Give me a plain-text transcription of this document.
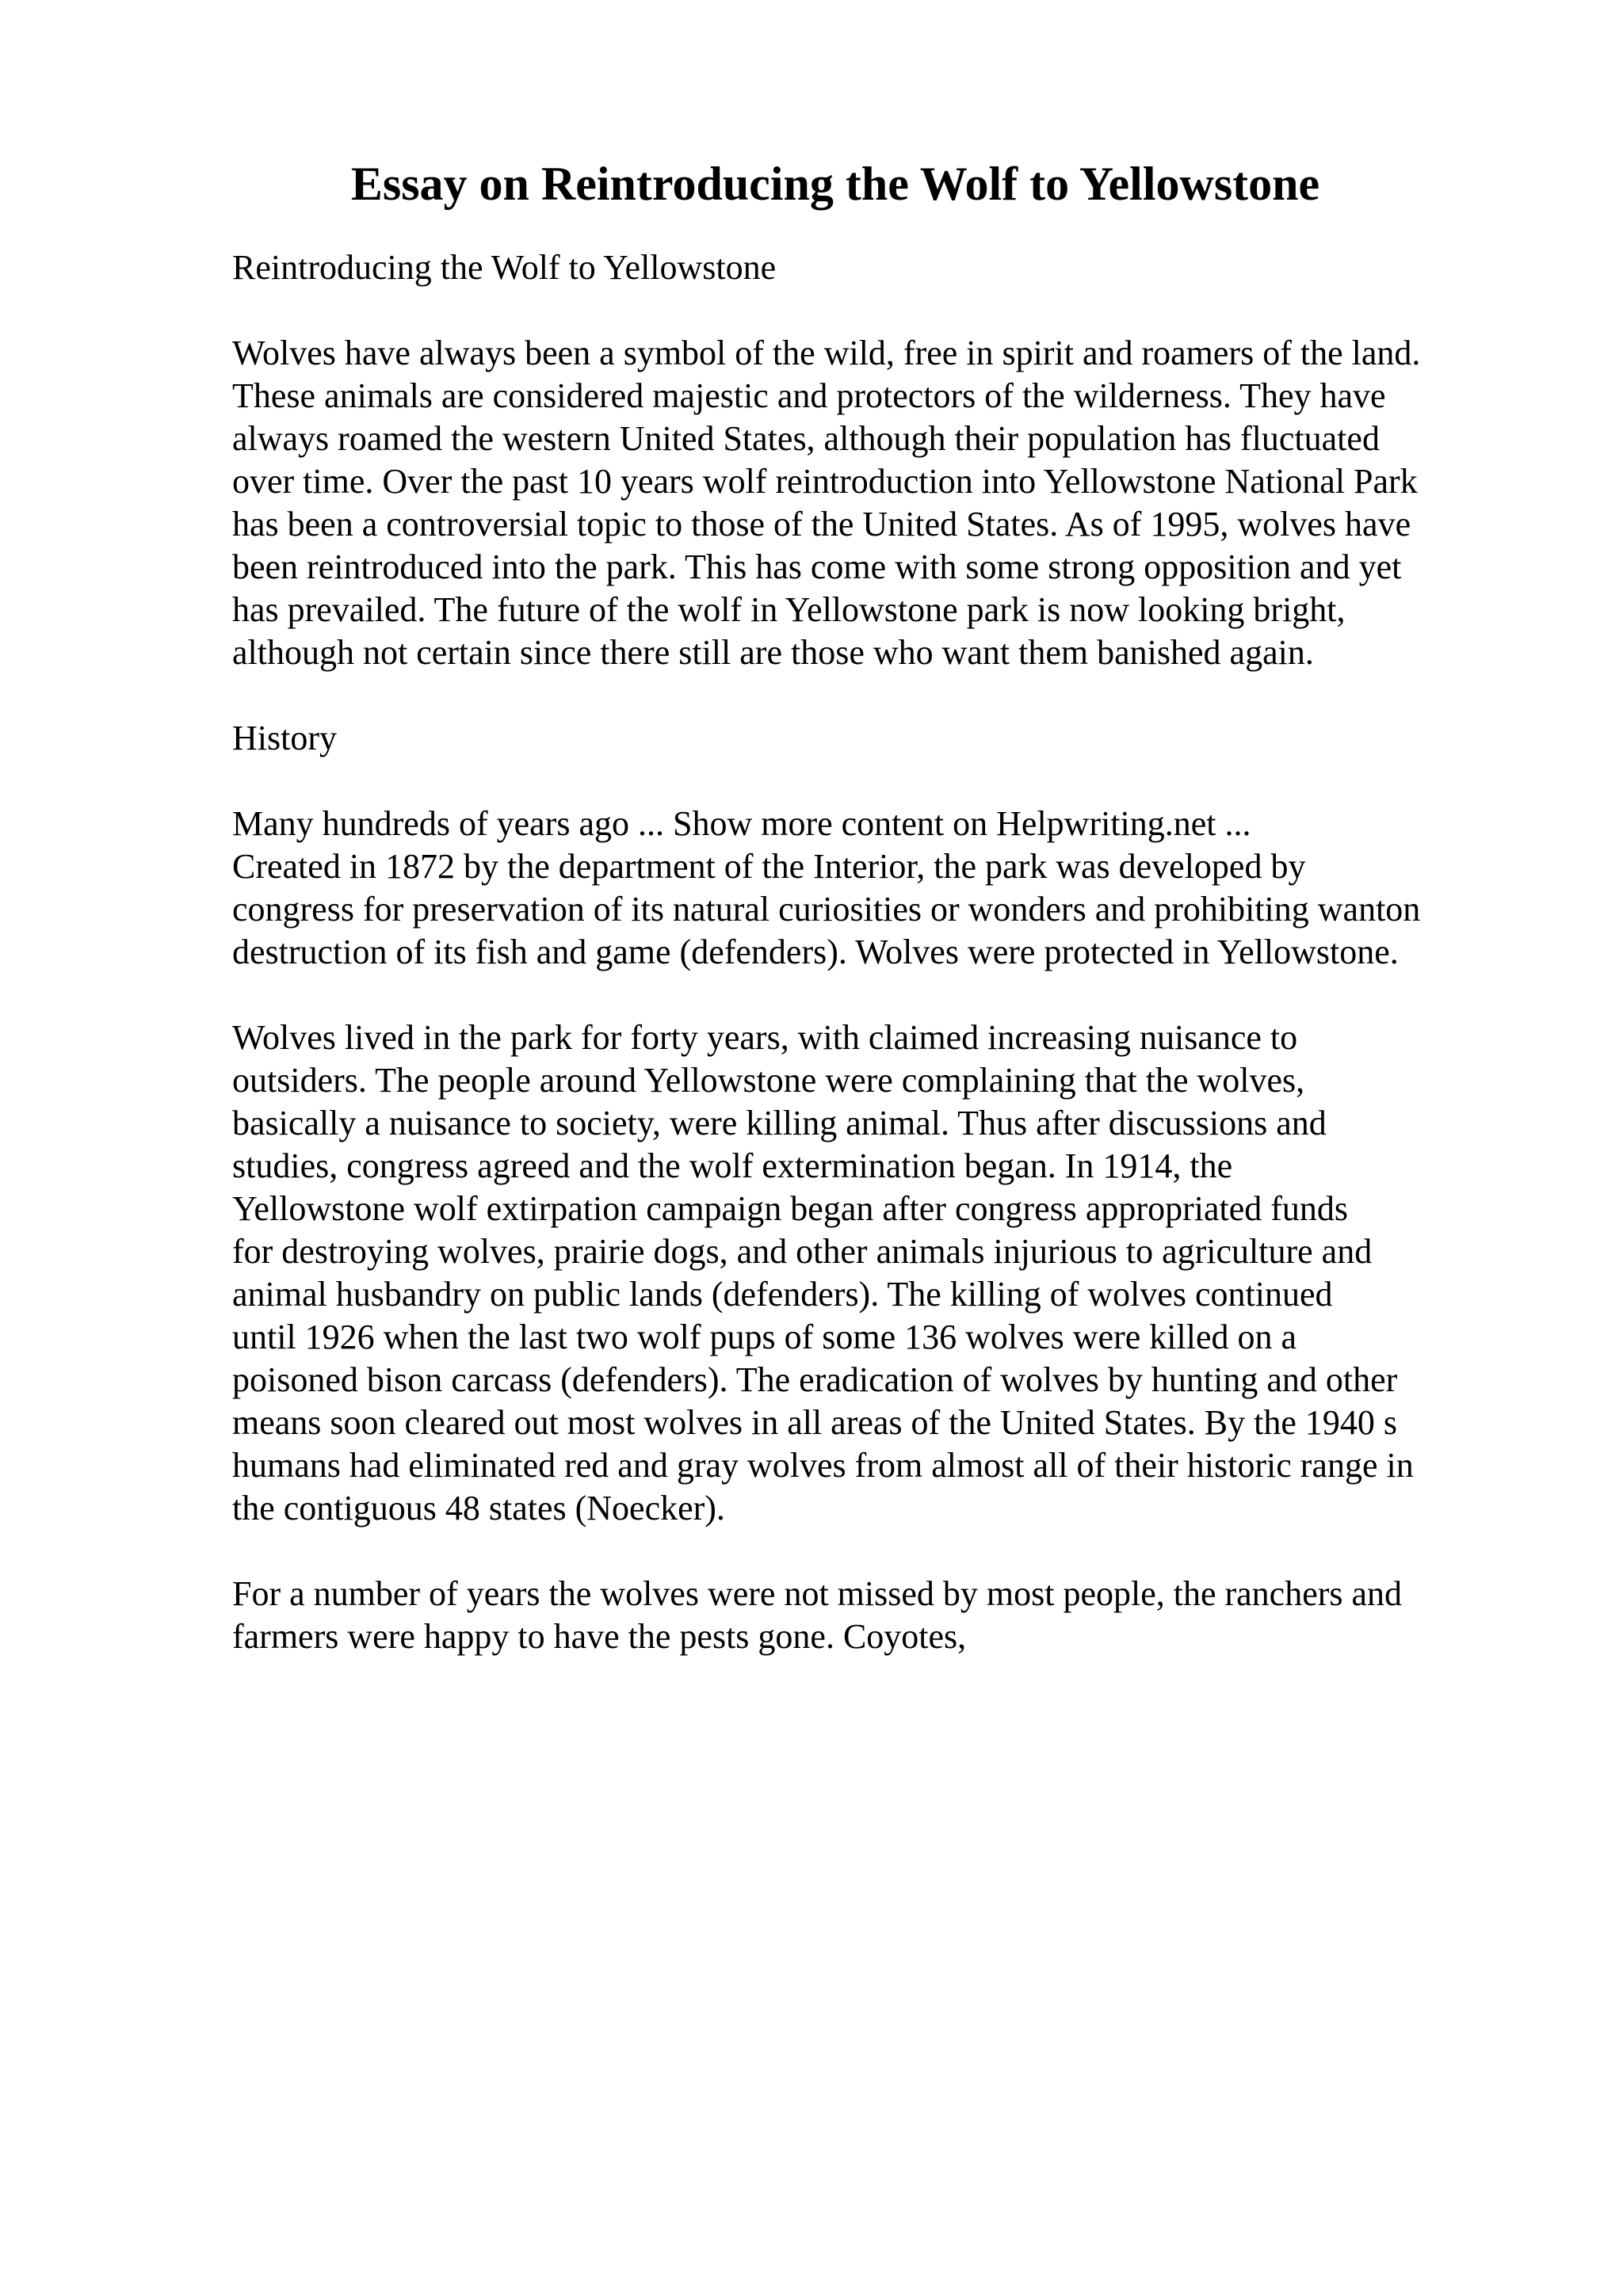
Essay on Reintroducing the Wolf to Yellowstone
Reintroducing the Wolf to Yellowstone
Wolves have always been a symbol of the wild, free in spirit and roamers of the land.
These animals are considered majestic and protectors of the wilderness. They have
always roamed the western United States, although their population has fluctuated
over time. Over the past 10 years wolf reintroduction into Yellowstone National Park
has been a controversial topic to those of the United States. As of 1995, wolves have
been reintroduced into the park. This has come with some strong opposition and yet
has prevailed. The future of the wolf in Yellowstone park is now looking bright,
although not certain since there still are those who want them banished again.
History
Many hundreds of years ago ... Show more content on Helpwriting.net ...
Created in 1872 by the department of the Interior, the park was developed by
congress for preservation of its natural curiosities or wonders and prohibiting wanton
destruction of its fish and game (defenders). Wolves were protected in Yellowstone.
Wolves lived in the park for forty years, with claimed increasing nuisance to
outsiders. The people around Yellowstone were complaining that the wolves,
basically a nuisance to society, were killing animal. Thus after discussions and
studies, congress agreed and the wolf extermination began. In 1914, the
Yellowstone wolf extirpation campaign began after congress appropriated funds
for destroying wolves, prairie dogs, and other animals injurious to agriculture and
animal husbandry on public lands (defenders). The killing of wolves continued
until 1926 when the last two wolf pups of some 136 wolves were killed on a
poisoned bison carcass (defenders). The eradication of wolves by hunting and other
means soon cleared out most wolves in all areas of the United States. By the 1940 s
humans had eliminated red and gray wolves from almost all of their historic range in
the contiguous 48 states (Noecker).
For a number of years the wolves were not missed by most people, the ranchers and
farmers were happy to have the pests gone. Coyotes,
